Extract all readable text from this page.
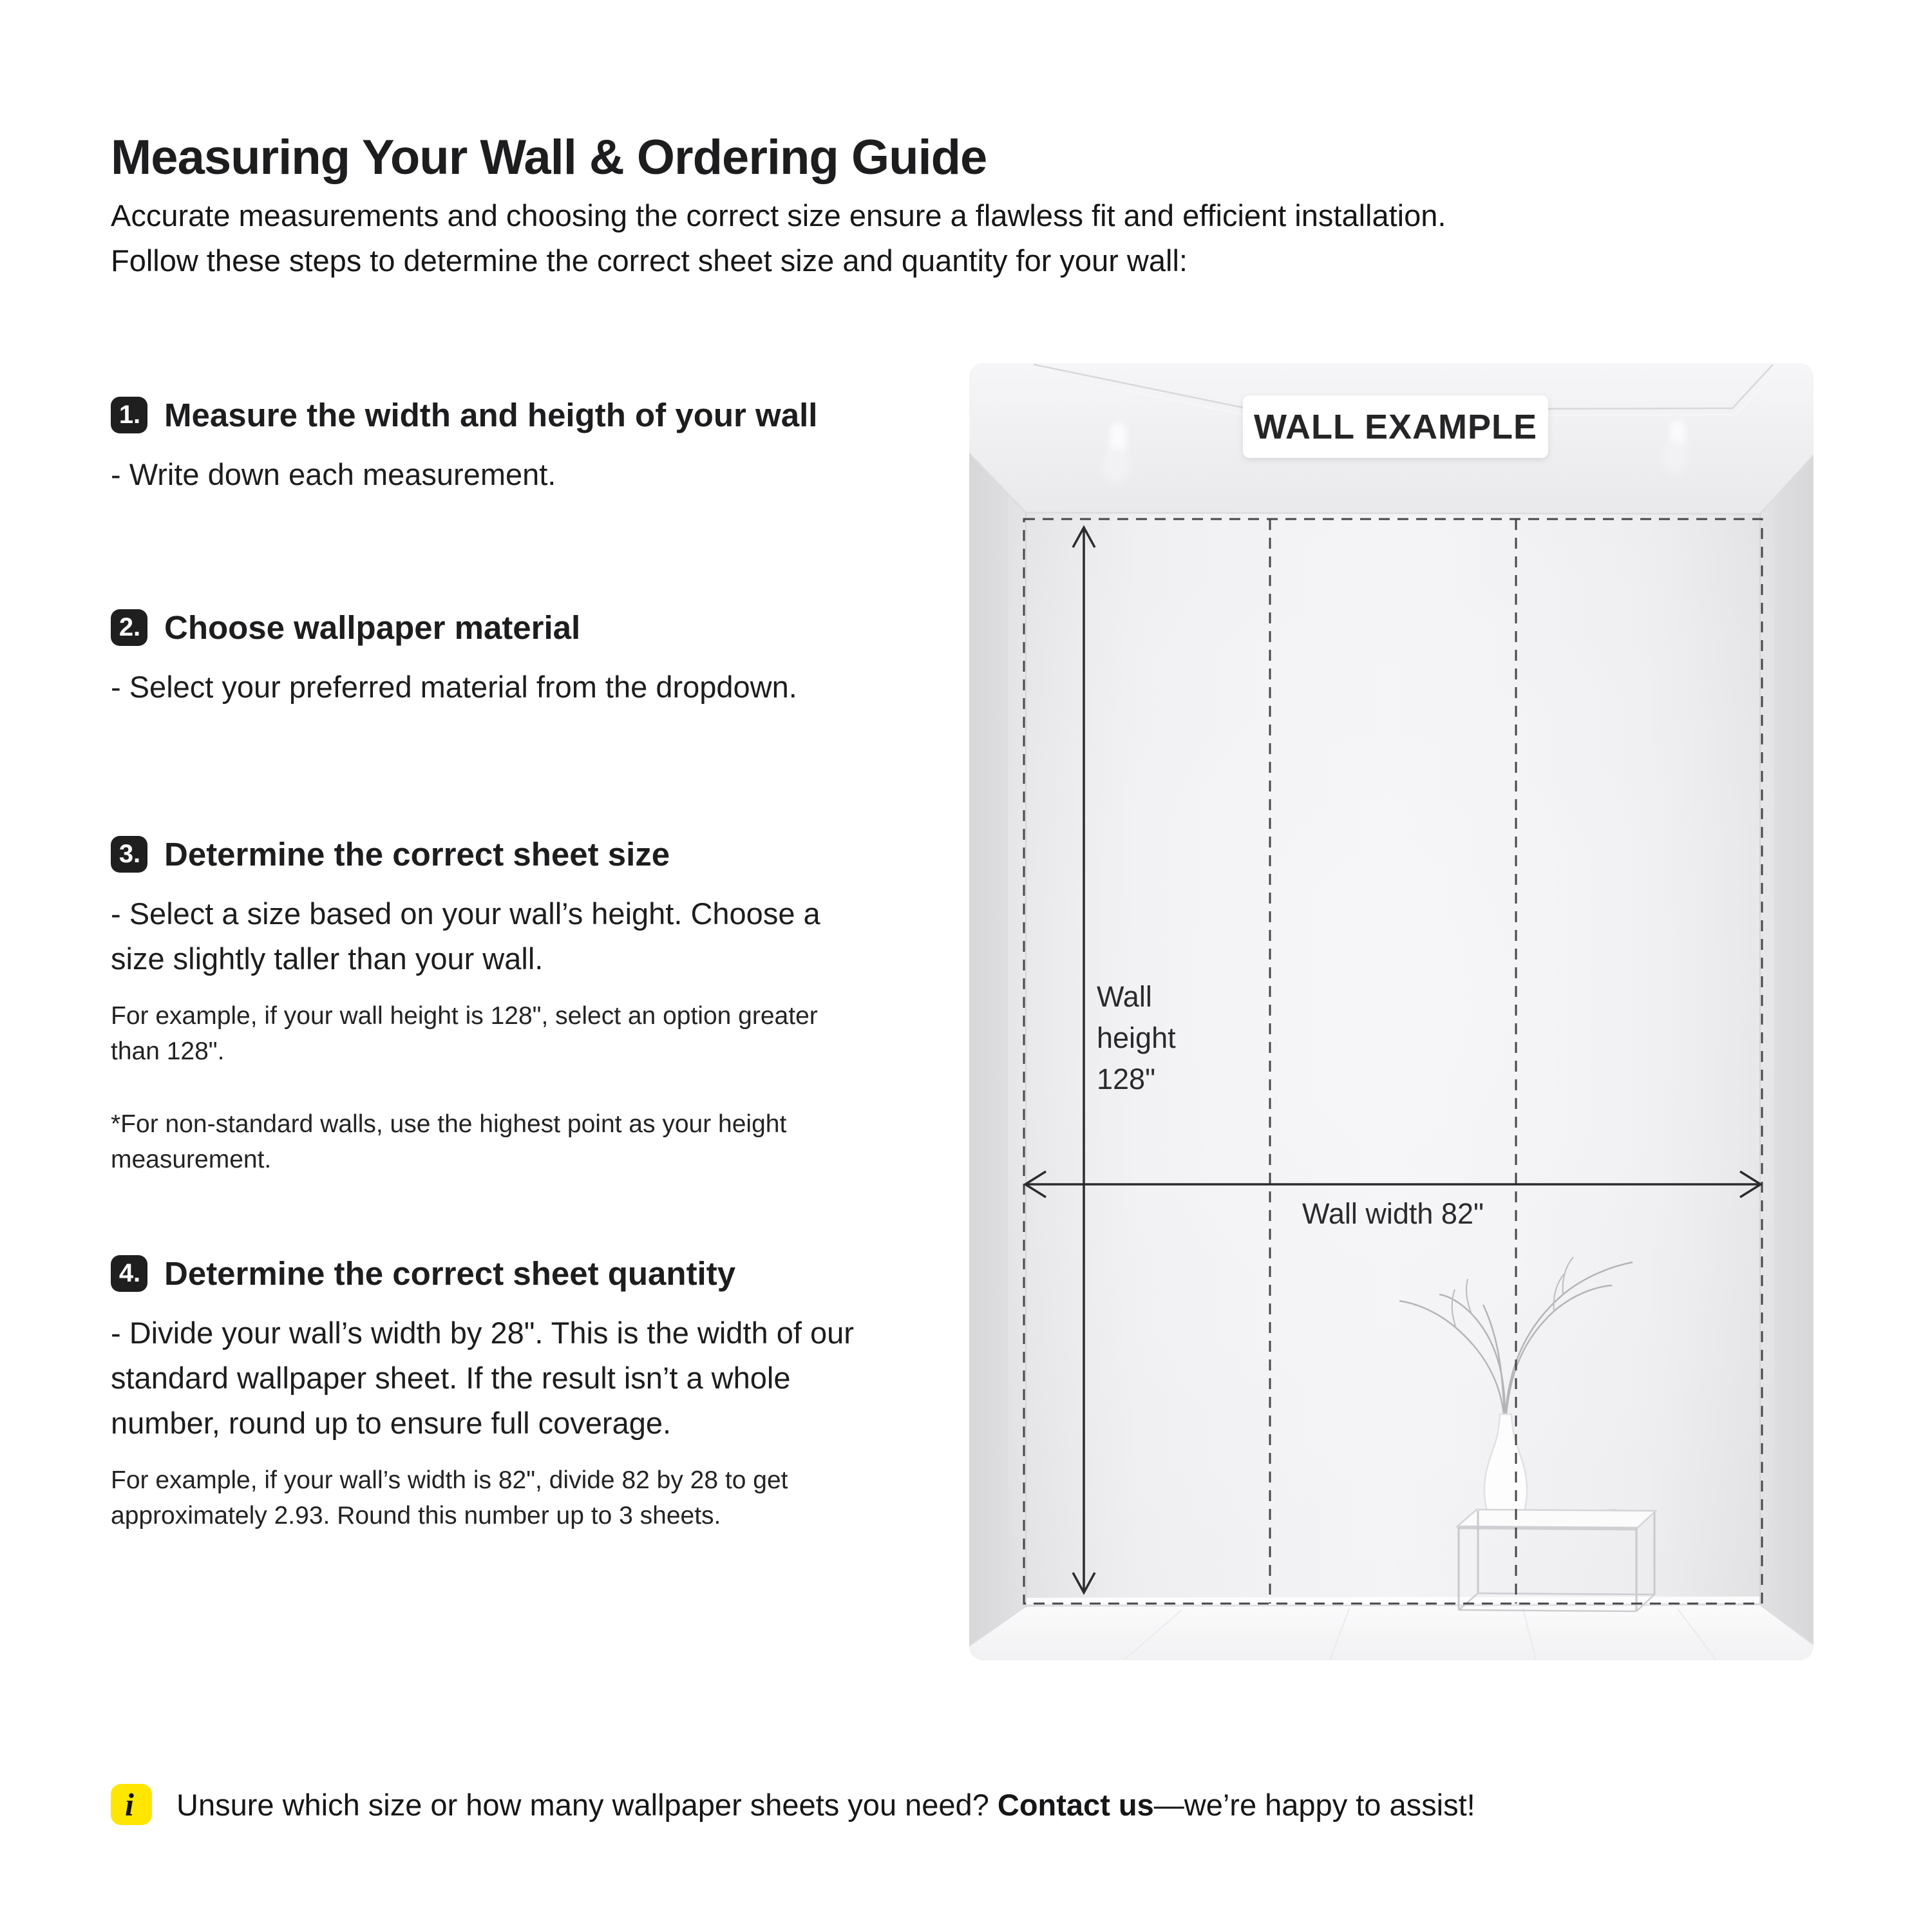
Measuring Your Wall & Ordering Guide
Accurate measurements and choosing the correct size ensure a flawless fit and efficient installation.
Follow these steps to determine the correct sheet size and quantity for your wall:
1. Measure the width and heigth of your wall
- Write down each measurement.
2. Choose wallpaper material
- Select your preferred material from the dropdown.
3. Determine the correct sheet size
- Select a size based on your wall’s height. Choose a
size slightly taller than your wall.
For example, if your wall height is 128", select an option greater
than 128".
*For non-standard walls, use the highest point as your height
measurement.
4. Determine the correct sheet quantity
- Divide your wall’s width by 28". This is the width of our
standard wallpaper sheet. If the result isn’t a whole
number, round up to ensure full coverage.
For example, if your wall’s width is 82", divide 82 by 28 to get
approximately 2.93. Round this number up to 3 sheets.
WALL EXAMPLE
Wall
height
128"
Wall width 82"
i	Unsure which size or how many wallpaper sheets you need? Contact us—we’re happy to assist!
